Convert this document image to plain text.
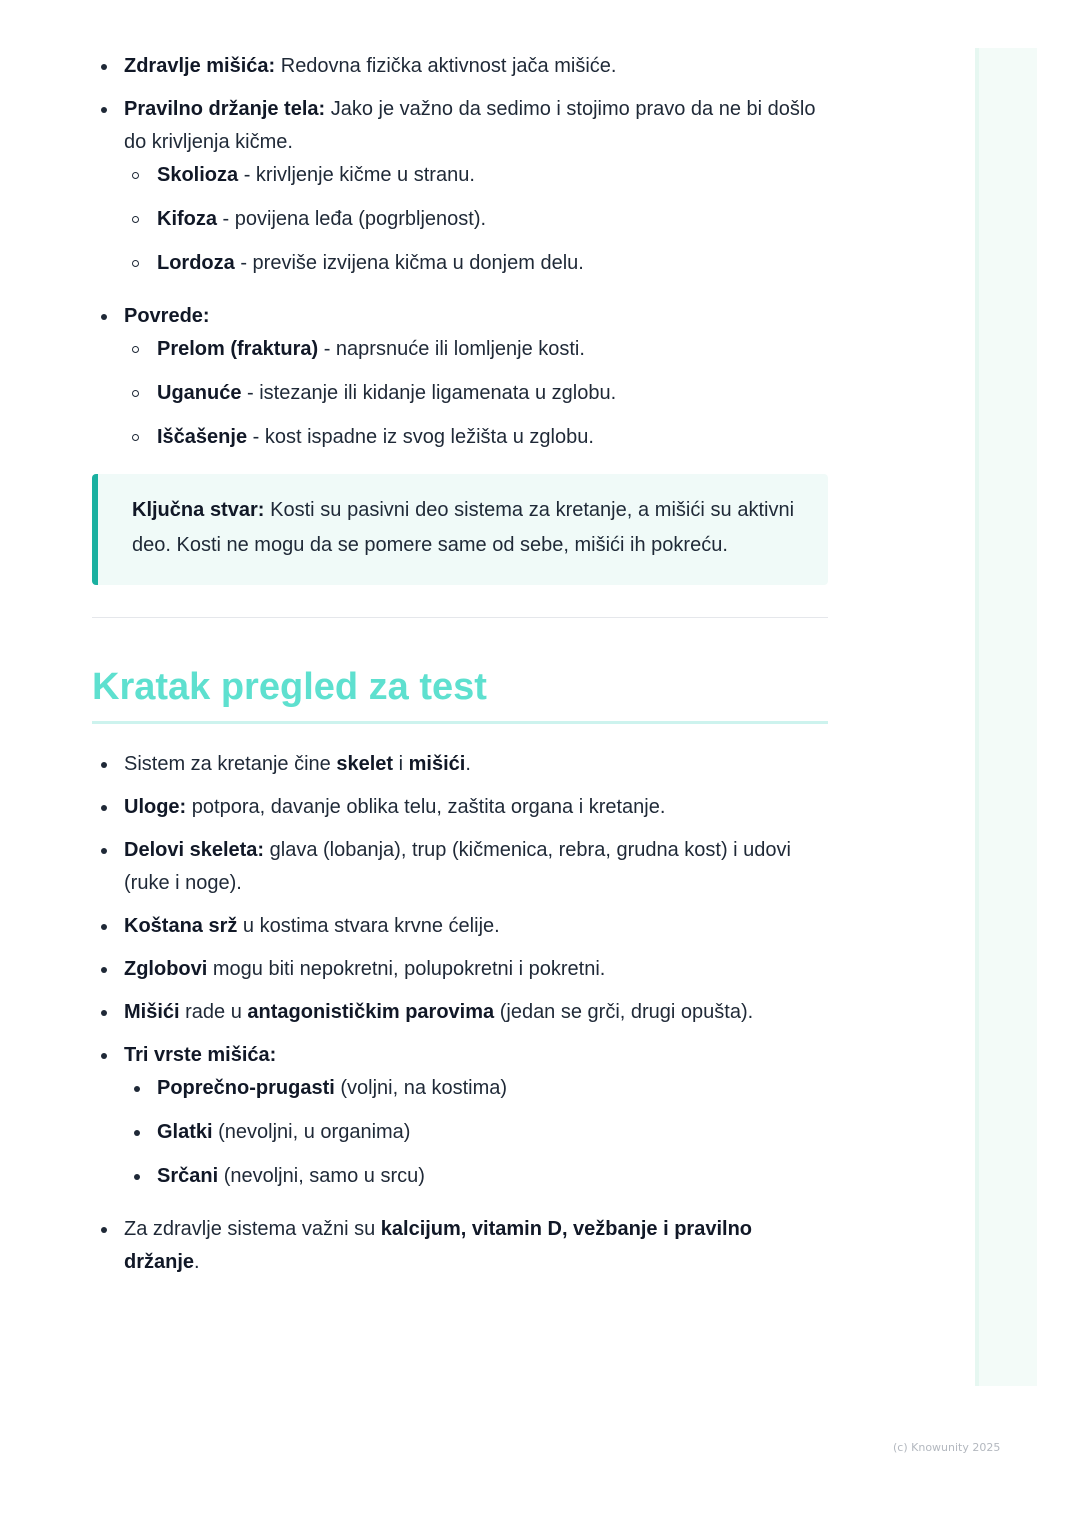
Zdravlje mišića: Redovna fizička aktivnost jača mišiće.
Pravilno držanje tela: Jako je važno da sedimo i stojimo pravo da ne bi došlo do krivljenja kičme.
Skolioza - krivljenje kičme u stranu.
Kifoza - povijena leđa (pogrbljenost).
Lordoza - previše izvijena kičma u donjem delu.
Povrede:
Prelom (fraktura) - naprsnuće ili lomljenje kosti.
Uganuće - istezanje ili kidanje ligamenata u zglobu.
Iščašenje - kost ispadne iz svog ležišta u zglobu.
Ključna stvar: Kosti su pasivni deo sistema za kretanje, a mišići su aktivni deo. Kosti ne mogu da se pomere same od sebe, mišići ih pokreću.
Kratak pregled za test
Sistem za kretanje čine skelet i mišići.
Uloge: potpora, davanje oblika telu, zaštita organa i kretanje.
Delovi skeleta: glava (lobanja), trup (kičmenica, rebra, grudna kost) i udovi (ruke i noge).
Koštana srž u kostima stvara krvne ćelije.
Zglobovi mogu biti nepokretni, polupokretni i pokretni.
Mišići rade u antagonističkim parovima (jedan se grči, drugi opušta).
Tri vrste mišića:
Poprečno-prugasti (voljni, na kostima)
Glatki (nevoljni, u organima)
Srčani (nevoljni, samo u srcu)
Za zdravlje sistema važni su kalcijum, vitamin D, vežbanje i pravilno držanje.
(c) Knowunity 2025
